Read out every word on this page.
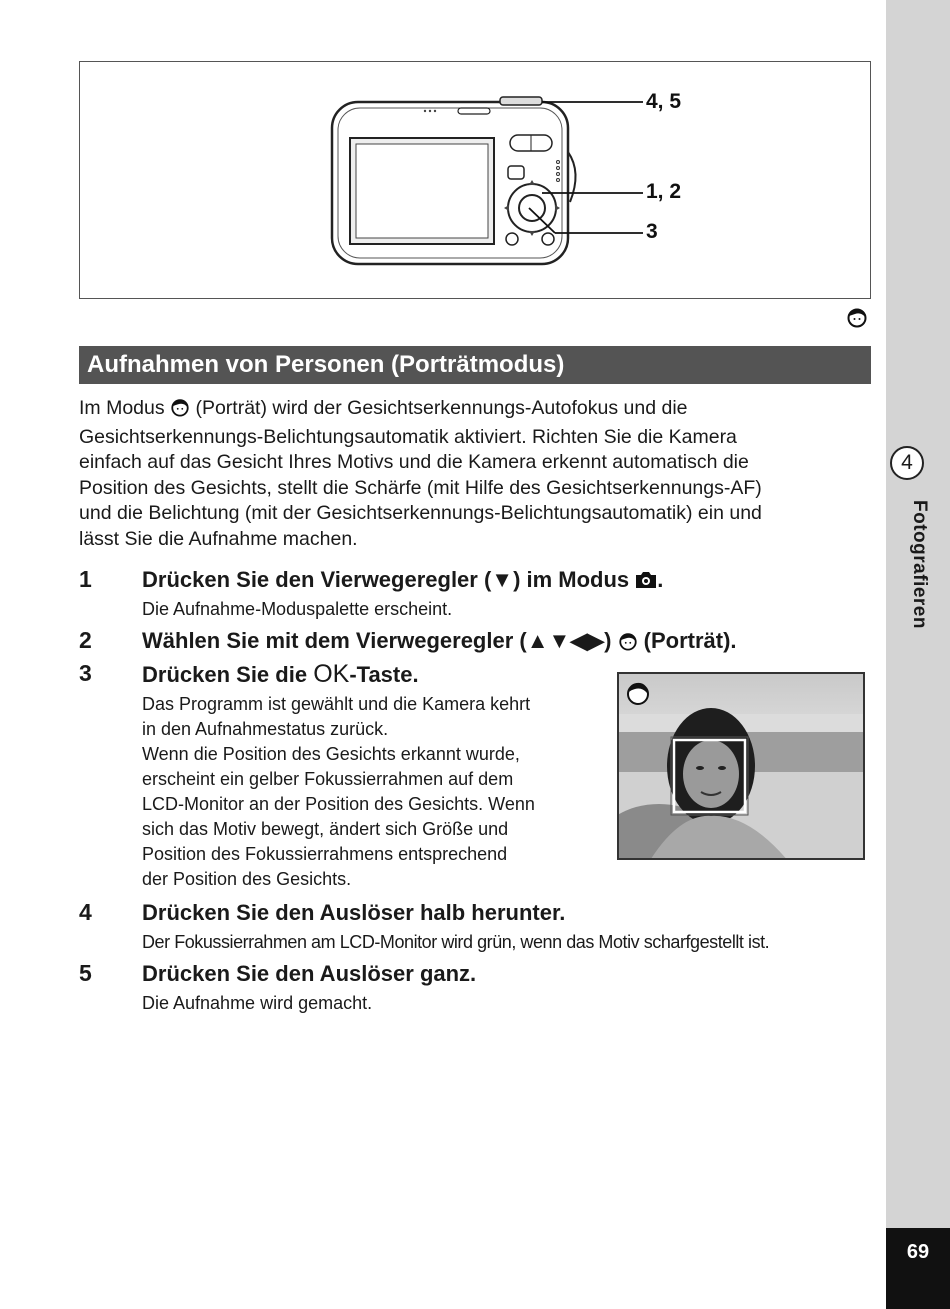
4
Fotografieren
69
4, 5
1, 2
3
Aufnahmen von Personen (Porträtmodus)
Im Modus  (Porträt) wird der Gesichtserkennungs-Autofokus und die
Gesichtserkennungs-Belichtungsautomatik aktiviert. Richten Sie die Kamera
einfach auf das Gesicht Ihres Motivs und die Kamera erkennt automatisch die
Position des Gesichts, stellt die Schärfe (mit Hilfe des Gesichtserkennungs-AF)
und die Belichtung (mit der Gesichtserkennungs-Belichtungsautomatik) ein und
lässt Sie die Aufnahme machen.
1 Drücken Sie den Vierwegeregler (▼) im Modus .
Die Aufnahme-Moduspalette erscheint.
2 Wählen Sie mit dem Vierwegeregler (▲▼◀▶)  (Porträt).
3 Drücken Sie die OK-Taste.
Das Programm ist gewählt und die Kamera kehrt
in den Aufnahmestatus zurück.
Wenn die Position des Gesichts erkannt wurde,
erscheint ein gelber Fokussierrahmen auf dem
LCD-Monitor an der Position des Gesichts. Wenn
sich das Motiv bewegt, ändert sich Größe und
Position des Fokussierrahmens entsprechend
der Position des Gesichts.
4 Drücken Sie den Auslöser halb herunter.
Der Fokussierrahmen am LCD-Monitor wird grün, wenn das Motiv scharfgestellt ist.
5 Drücken Sie den Auslöser ganz.
Die Aufnahme wird gemacht.
